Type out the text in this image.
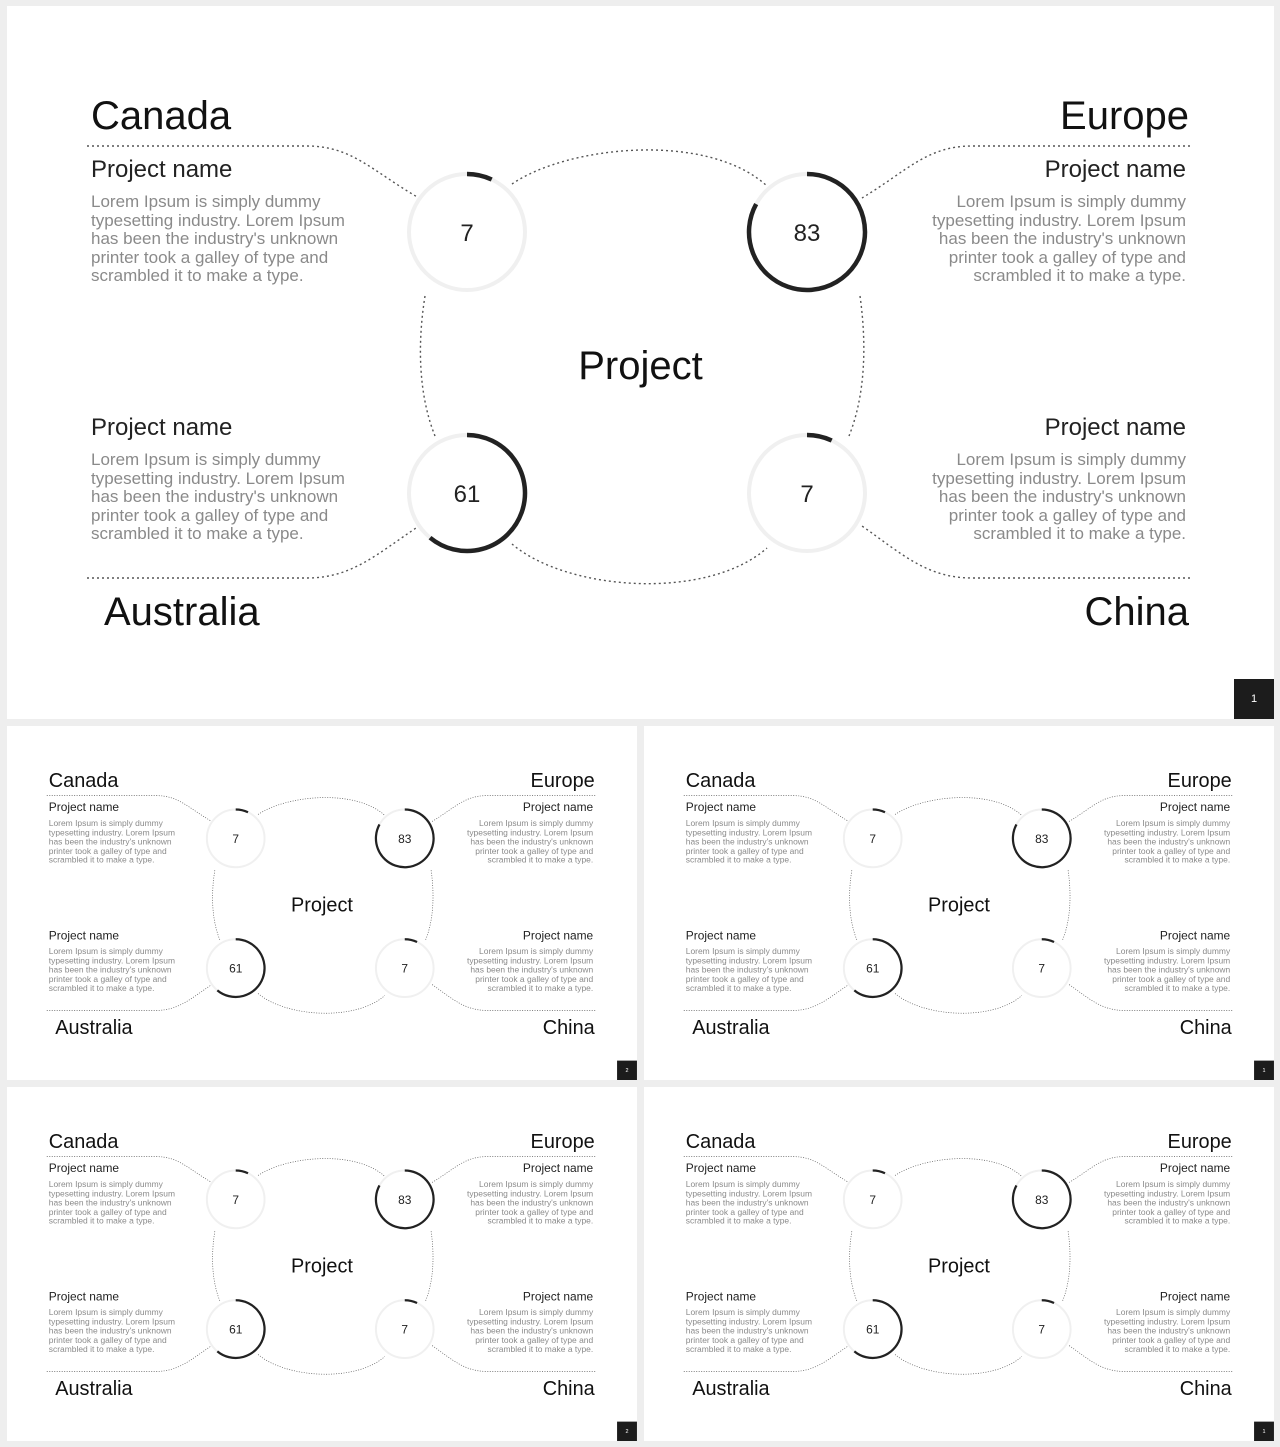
Canada	Europe
Australia	China
Project name
Lorem Ipsum is simply dummy typesetting industry. Lorem Ipsum has been the industry's unknown printer took a galley of type and scrambled it to make a type.
Project name
Lorem Ipsum is simply dummy typesetting industry. Lorem Ipsum has been the industry's unknown printer took a galley of type and scrambled it to make a type.
Project name
Lorem Ipsum is simply dummy typesetting industry. Lorem Ipsum has been the industry's unknown printer took a galley of type and scrambled it to make a type.
Project name
Lorem Ipsum is simply dummy typesetting industry. Lorem Ipsum has been the industry's unknown printer took a galley of type and scrambled it to make a type.
7	83
61	7
Project
1
Canada	Europe
Australia	China
Project name
Lorem Ipsum is simply dummy typesetting industry. Lorem Ipsum has been the industry's unknown printer took a galley of type and scrambled it to make a type.
Project name
Lorem Ipsum is simply dummy typesetting industry. Lorem Ipsum has been the industry's unknown printer took a galley of type and scrambled it to make a type.
Project name
Lorem Ipsum is simply dummy typesetting industry. Lorem Ipsum has been the industry's unknown printer took a galley of type and scrambled it to make a type.
Project name
Lorem Ipsum is simply dummy typesetting industry. Lorem Ipsum has been the industry's unknown printer took a galley of type and scrambled it to make a type.
7	83
61	7
Project
2
Canada	Europe
Australia	China
Project name
Lorem Ipsum is simply dummy typesetting industry. Lorem Ipsum has been the industry's unknown printer took a galley of type and scrambled it to make a type.
Project name
Lorem Ipsum is simply dummy typesetting industry. Lorem Ipsum has been the industry's unknown printer took a galley of type and scrambled it to make a type.
Project name
Lorem Ipsum is simply dummy typesetting industry. Lorem Ipsum has been the industry's unknown printer took a galley of type and scrambled it to make a type.
Project name
Lorem Ipsum is simply dummy typesetting industry. Lorem Ipsum has been the industry's unknown printer took a galley of type and scrambled it to make a type.
7	83
61	7
Project
1
Canada	Europe
Australia	China
Project name
Lorem Ipsum is simply dummy typesetting industry. Lorem Ipsum has been the industry's unknown printer took a galley of type and scrambled it to make a type.
Project name
Lorem Ipsum is simply dummy typesetting industry. Lorem Ipsum has been the industry's unknown printer took a galley of type and scrambled it to make a type.
Project name
Lorem Ipsum is simply dummy typesetting industry. Lorem Ipsum has been the industry's unknown printer took a galley of type and scrambled it to make a type.
Project name
Lorem Ipsum is simply dummy typesetting industry. Lorem Ipsum has been the industry's unknown printer took a galley of type and scrambled it to make a type.
7	83
61	7
Project
2
Canada	Europe
Australia	China
Project name
Lorem Ipsum is simply dummy typesetting industry. Lorem Ipsum has been the industry's unknown printer took a galley of type and scrambled it to make a type.
Project name
Lorem Ipsum is simply dummy typesetting industry. Lorem Ipsum has been the industry's unknown printer took a galley of type and scrambled it to make a type.
Project name
Lorem Ipsum is simply dummy typesetting industry. Lorem Ipsum has been the industry's unknown printer took a galley of type and scrambled it to make a type.
Project name
Lorem Ipsum is simply dummy typesetting industry. Lorem Ipsum has been the industry's unknown printer took a galley of type and scrambled it to make a type.
7	83
61	7
Project
1
